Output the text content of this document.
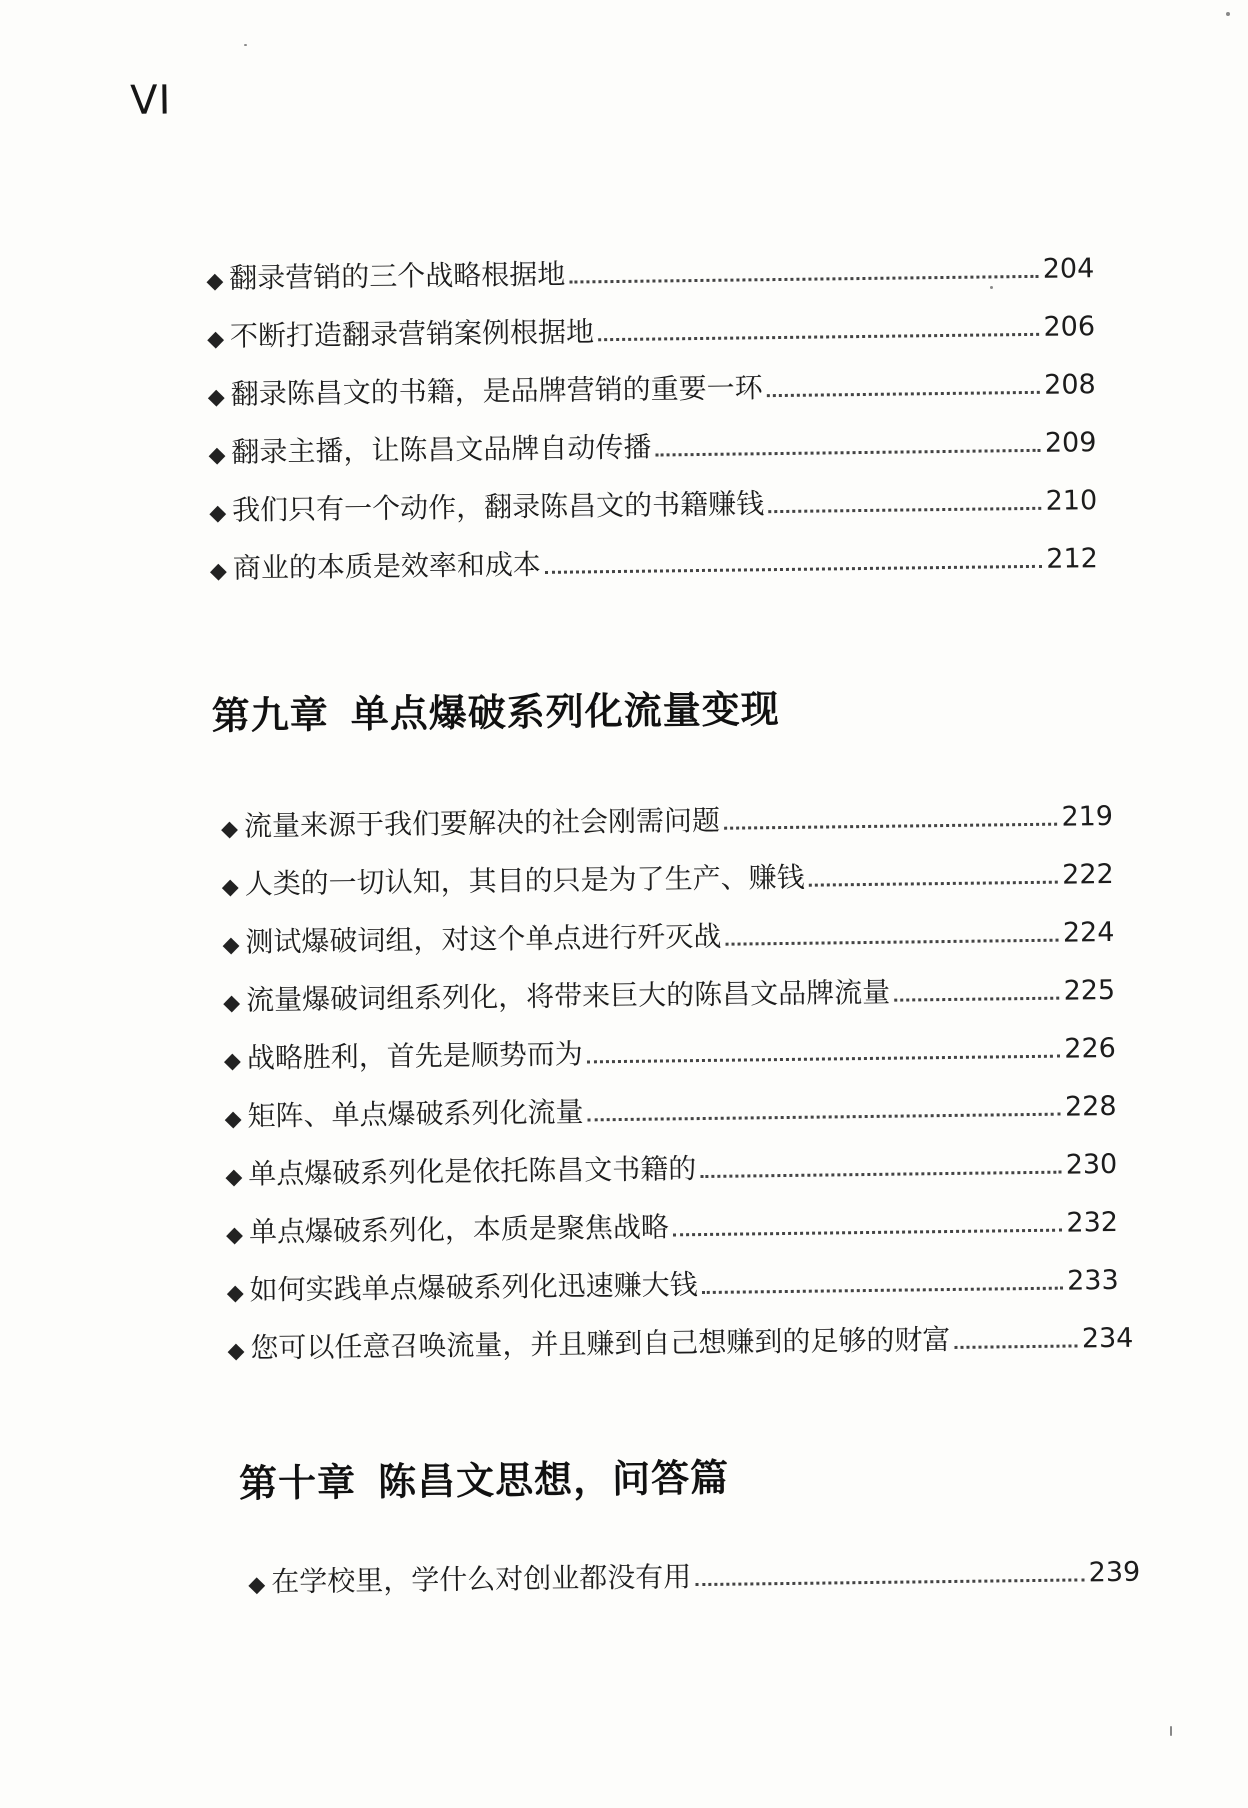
VI
◆ 翻录营销的三个战略根据地	204
◆ 不断打造翻录营销案例根据地	206
◆ 翻录陈昌文的书籍，是品牌营销的重要一环	208
◆ 翻录主播，让陈昌文品牌自动传播	209
◆ 我们只有一个动作，翻录陈昌文的书籍赚钱	210
◆ 商业的本质是效率和成本	212
第九章 单点爆破系列化流量变现
◆ 流量来源于我们要解决的社会刚需问题	219
◆ 人类的一切认知，其目的只是为了生产、赚钱	222
◆ 测试爆破词组，对这个单点进行歼灭战	224
◆ 流量爆破词组系列化，将带来巨大的陈昌文品牌流量	225
◆ 战略胜利，首先是顺势而为	226
◆ 矩阵、单点爆破系列化流量	228
◆ 单点爆破系列化是依托陈昌文书籍的	230
◆ 单点爆破系列化，本质是聚焦战略	232
◆ 如何实践单点爆破系列化迅速赚大钱	233
◆ 您可以任意召唤流量，并且赚到自己想赚到的足够的财富	234
第十章 陈昌文思想，问答篇
◆ 在学校里，学什么对创业都没有用	239
